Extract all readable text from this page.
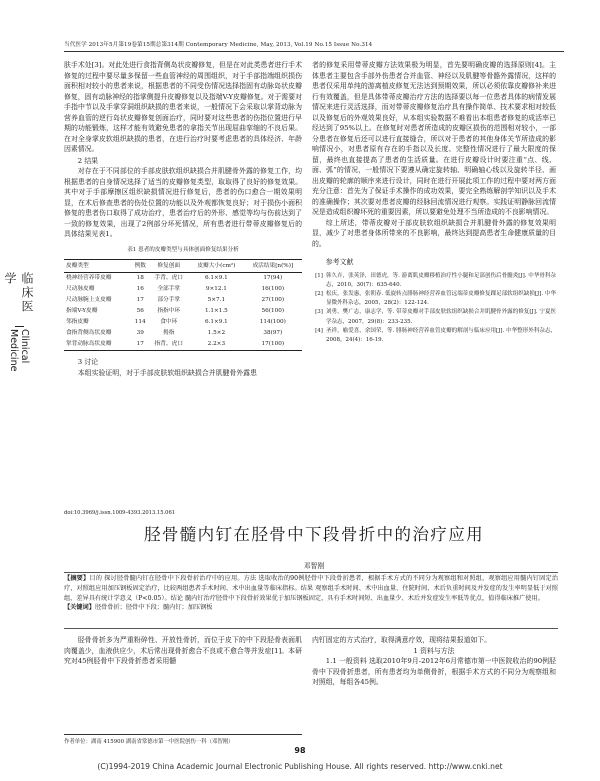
当代医学 2013年5月第19卷第15期总第314期 Contemporary Medicine, May, 2013, Vol.19 No.15 Issue No.314
临床医学
Clinical Medicine

肤手术处[3]。对此处进行食指背侧岛状皮瓣修复，但是在对此类患者进行手术修复的过程中要尽量多保留一些血管神经的周围组织，对于手部指端组织损伤面积相对较小的患者来说，根据患者的不同受伤情况选择指固有动脉岛状皮瓣修复，固有动脉神经的指掌侧提升皮瓣修复以及指端V-Y皮瓣修复。对于需要对手指中节以及手掌穿洞组织缺损的患者来说，一般情况下会采取以掌背动脉为营养血管的逆行岛状皮瓣修复创面治疗，同时要对这些患者的伤指位置进行早期的功能锻炼，这样才能有效避免患者的拿指关节出现屈曲挛缩的不良后果。在对全身掌皮软组织缺损的患者，在进行治疗时要考虑患者的具体经济、年龄因素情况。

2 结果

对存在于不同部位的手部皮肤软组织缺损合并肌腱骨外露的修复工作，均根据患者的自身情况选择了适当的皮瓣修复类型，取取得了良好的修复效果。其中对于手部摩擦区组织缺损情况进行修复后，患者的伤口愈合一期效果明显，在术后修查患者的伤处位置的功能以及外观都恢复良好；对于损伤小面积修复的患者伤口取得了成功治疗，患者治疗后的外形、感觉等均与伤前达到了一致的修复效果，出现了2例部分坏死情况，所有患者进行带蒂皮瓣修复后的具体结果见表1。

表1 患者的皮瓣类型与具体创面修复结果分析

皮瓣类型	例数	修复创面	皮瓣大小(cm²)	成活结果[n(%)]
桡神经营养带皮瓣	18	手背、虎口	6.1×9.1	17(94)
尺动脉皮瓣	16	全部手掌	9×12.1	16(100)
尺动脉腕上支皮瓣	17	部分手掌	5×7.1	27(100)
指端V-Y皮瓣	56	指指中环	1.1×1.5	56(100)
邻指皮瓣	114	食中环	6.1×9.1	114(100)
食指背侧岛状皮瓣	39	拇指	1.5×2	38(97)
掌背动脉岛状皮瓣	17	指背、虎口	2.2×3	17(100)

3 讨论

本组实验证明，对于手部皮肤软组织缺损合并肌腱骨外露患

者的修复采用带蒂皮瓣方法效果极为明显，首先要明确皮瓣的选择原则[4]。主体患者主要包含手部外伤患者合并血管、神经以及肌腱等骨骼外露情况，这样的患者仅采用单纯的游离植皮修复无法达到预期效果，所以必须依靠皮瓣修补来进行有效覆盖，但是具体带蒂皮瓣治疗方法的选择要以每一位患者具体的病情发展情况来进行灵活选择，而对带蒂皮瓣修复治疗具有操作简单、技术要求相对较低以及修复后的外观效果良好，从本组实验数据不难看出本组患者修复的成活率已经达到了95%以上。在修复时对患者所造成的皮瓣区损伤的范围相对较小，一部分患者在修复后还可以进行直接缝合，所以对于患者的其他身体关节所造成的影响情况小，对患者原有存在的手指以及长度、完整性情况进行了最大限度的保留，最终也直接提高了患者的生活质量。在进行皮瓣设计时要注重“点、线、面、弧”的情况，一般情况下要遵从确定旋转轴、明确轴心线以及旋转半径、画出皮瓣的轮廓的顺序来进行设计，同时在进行开展此项工作的过程中要对两方面充分注意：首先为了保证手术操作的成功效果，要完全熟练解剖学知识以及手术的准确操作；其次要对患者皮瓣的经脉回流情况进行观察。实践证明静脉回流情况是造成组织瓣坏死的重要因素，所以要避免处理不当所造成的不良影响情况。

综上所述，带蒂皮瓣对于部皮肤软组织缺损合并肌腱骨外露的修复效果明显，减少了对患者身体所带来的不良影响，最终达到提高患者生命健康质量的目的。

参考文献

[1] 韩久卉，张英泽，田德虎，等. 游离肌皮瓣移植治疗性小腿和足部创伤后骨髓炎[J]. 中华骨科杂志，2010，30(7)：635-640.
[2] 松庆，张发惠，张朝春. 低旋转点腓肠神经营养血管远端蒂皮瓣修复踝足部软组织缺损[J]. 中华显微外科杂志，2005，28(2)：122-124.
[3] 刘勇，樊广志，康志学，等. 带蒂皮瓣对手部皮肤软组织缺损合并肌腱骨外露的修复[J]. 宁夏医学杂志，2007，29(8)：233-235.
[4] 圣祥，喻爱喜，余国荣，等. 腓肠神经营养血管皮瓣的解剖与临床应用[J]. 中华整形外科杂志，2008，24(4)：16-19.
doi:10.3969/j.issn.1009-4393.2013.15.061
胫骨髓内钉在胫骨中下段骨折中的治疗应用
邓智刚

【摘要】目的 探讨胫骨髓内钉在胫骨中下段骨折治疗中的应用。方法 选取收治的90例胫骨中下段骨折患者，根据手术方式的不同分为观察组和对照组，观察组应用髓内钉固定治疗，对照组应用加压钢板固定治疗，比较两组患者手术时间、术中出血量等临床指标。结果 观察组手术时间、术中出血量、住院时间、术后负重时间及并发症的发生率明显低于对照组，差异具有统计学意义（P<0.05）。结论 髓内钉治疗胫骨中下段骨折效果优于加压钢板固定，具有手术时间短、出血量少、术后并发症发生率低等优点，值得临床推广使用。

【关键词】胫骨骨折；胫骨中下段；髓内钉；加压钢板

胫骨骨折多为严重粉碎性、开放性骨折，而位于皮下的中下段胫骨表面肌肉覆盖少，血液供应少，术后常出现骨折愈合不良或不愈合等并发症[1]。本研究对45例胫骨中下段骨折患者采用髓

作者单位：湖南 415900 湖南省常德市第一中医院创伤一科（邓智刚）

内钉固定的方式治疗，取得满意疗效，现将结果报道如下。

1 资料与方法

1.1 一般资料 选取2010年9月-2012年6月常德市第一中医院收治的90例胫骨中下段骨折患者，所有患者均为单侧骨折，根据手术方式的不同分为观察组和对照组，每组各45例。

98
(C)1994-2019 China Academic Journal Electronic Publishing House. All rights reserved. http://www.cnki.net
